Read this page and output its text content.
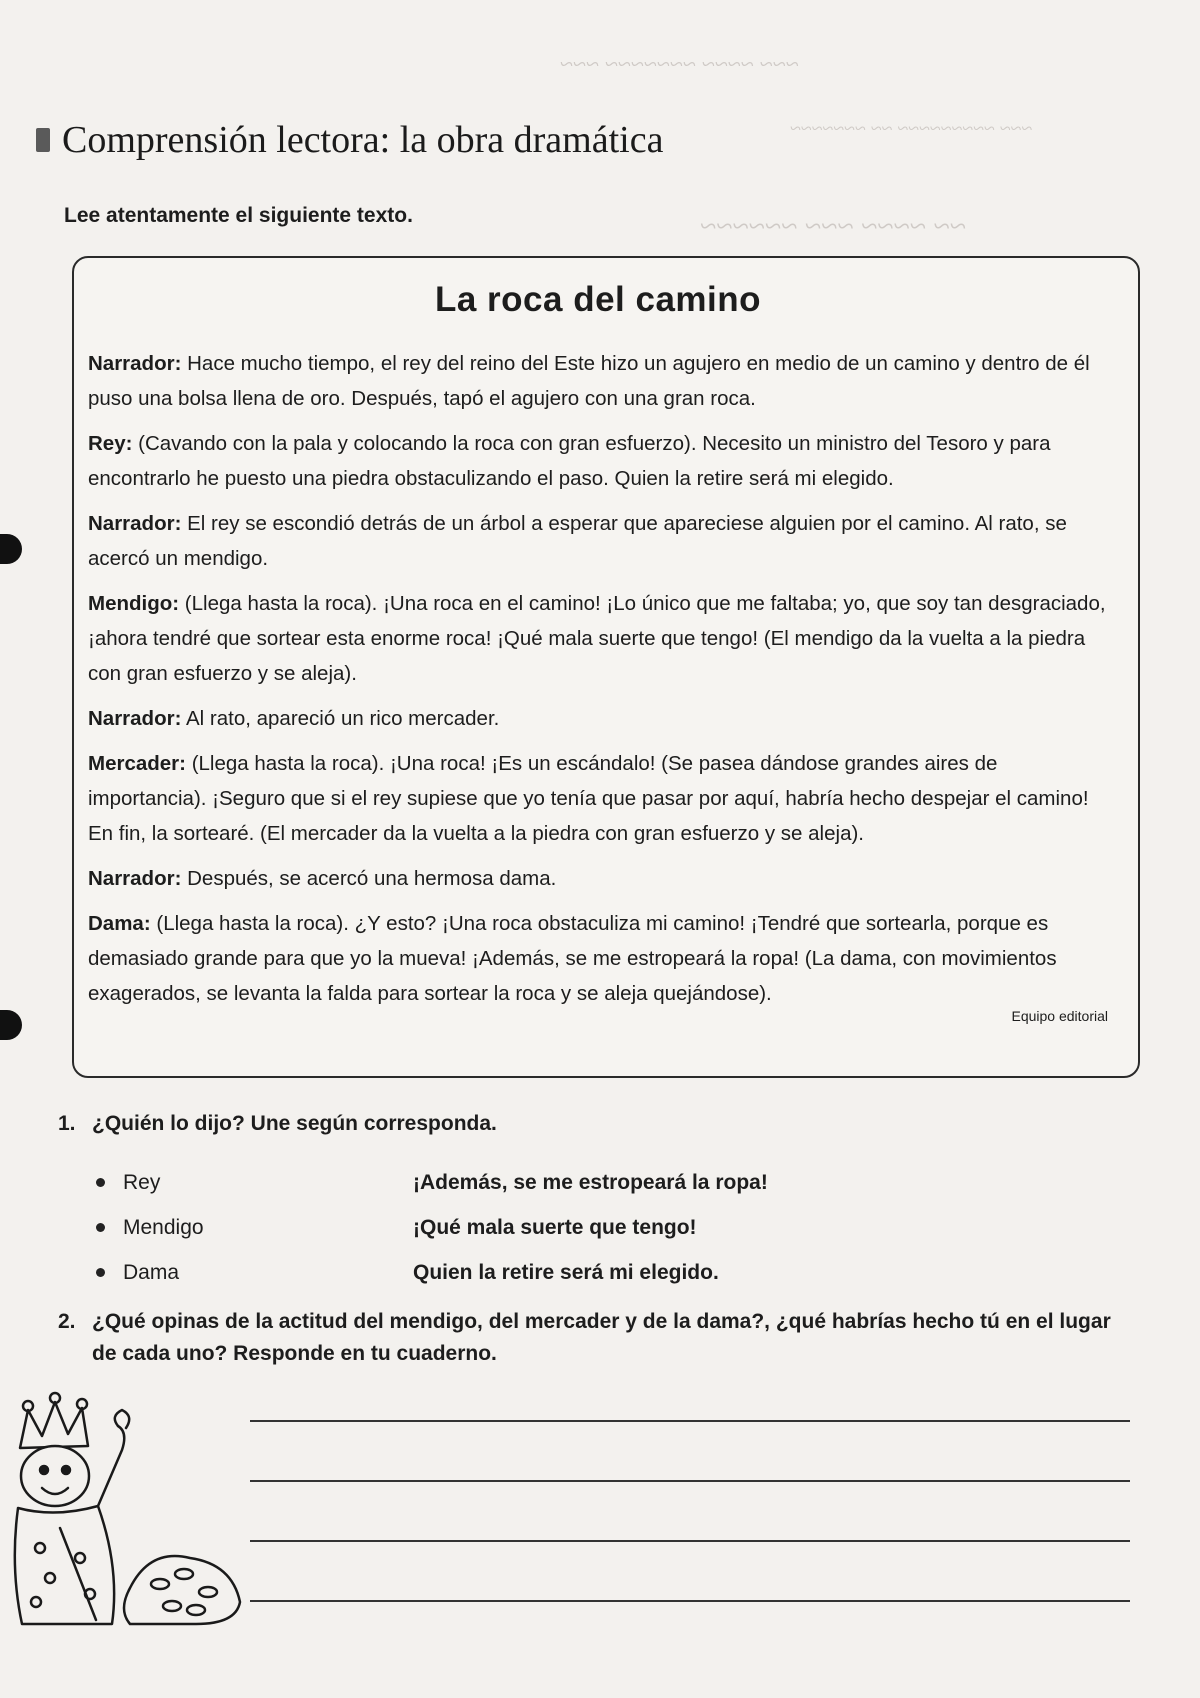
~~~ ~~~~ ~~~~~~~ ~~~
~~~ ~~~~~~~~~ ~~ ~~~~~~~
~~ ~~~~ ~~~ ~~~~~~
Comprensión lectora: la obra dramática

Lee atentamente el siguiente texto.

La roca del camino

Narrador: Hace mucho tiempo, el rey del reino del Este hizo un agujero en medio de un camino y dentro de él puso una bolsa llena de oro. Después, tapó el agujero con una gran roca.

Rey: (Cavando con la pala y colocando la roca con gran esfuerzo). Necesito un ministro del Tesoro y para encontrarlo he puesto una piedra obstaculizando el paso. Quien la retire será mi elegido.

Narrador: El rey se escondió detrás de un árbol a esperar que apareciese alguien por el camino. Al rato, se acercó un mendigo.

Mendigo: (Llega hasta la roca). ¡Una roca en el camino! ¡Lo único que me faltaba; yo, que soy tan desgraciado, ¡ahora tendré que sortear esta enorme roca! ¡Qué mala suerte que tengo! (El mendigo da la vuelta a la piedra con gran esfuerzo y se aleja).

Narrador: Al rato, apareció un rico mercader.

Mercader: (Llega hasta la roca). ¡Una roca! ¡Es un escándalo! (Se pasea dándose grandes aires de importancia). ¡Seguro que si el rey supiese que yo tenía que pasar por aquí, habría hecho despejar el camino! En fin, la sortearé. (El mercader da la vuelta a la piedra con gran esfuerzo y se aleja).

Narrador: Después, se acercó una hermosa dama.

Dama: (Llega hasta la roca). ¿Y esto? ¡Una roca obstaculiza mi camino! ¡Tendré que sortearla, porque es demasiado grande para que yo la mueva! ¡Además, se me estropeará la ropa! (La dama, con movimientos exagerados, se levanta la falda para sortear la roca y se aleja quejándose).

Equipo editorial

1. ¿Quién lo dijo? Une según corresponda.

Rey	¡Además, se me estropeará la ropa!
Mendigo	¡Qué mala suerte que tengo!
Dama	Quien la retire será mi elegido.

2. ¿Qué opinas de la actitud del mendigo, del mercader y de la dama?, ¿qué habrías hecho tú en el lugar de cada uno? Responde en tu cuaderno.
